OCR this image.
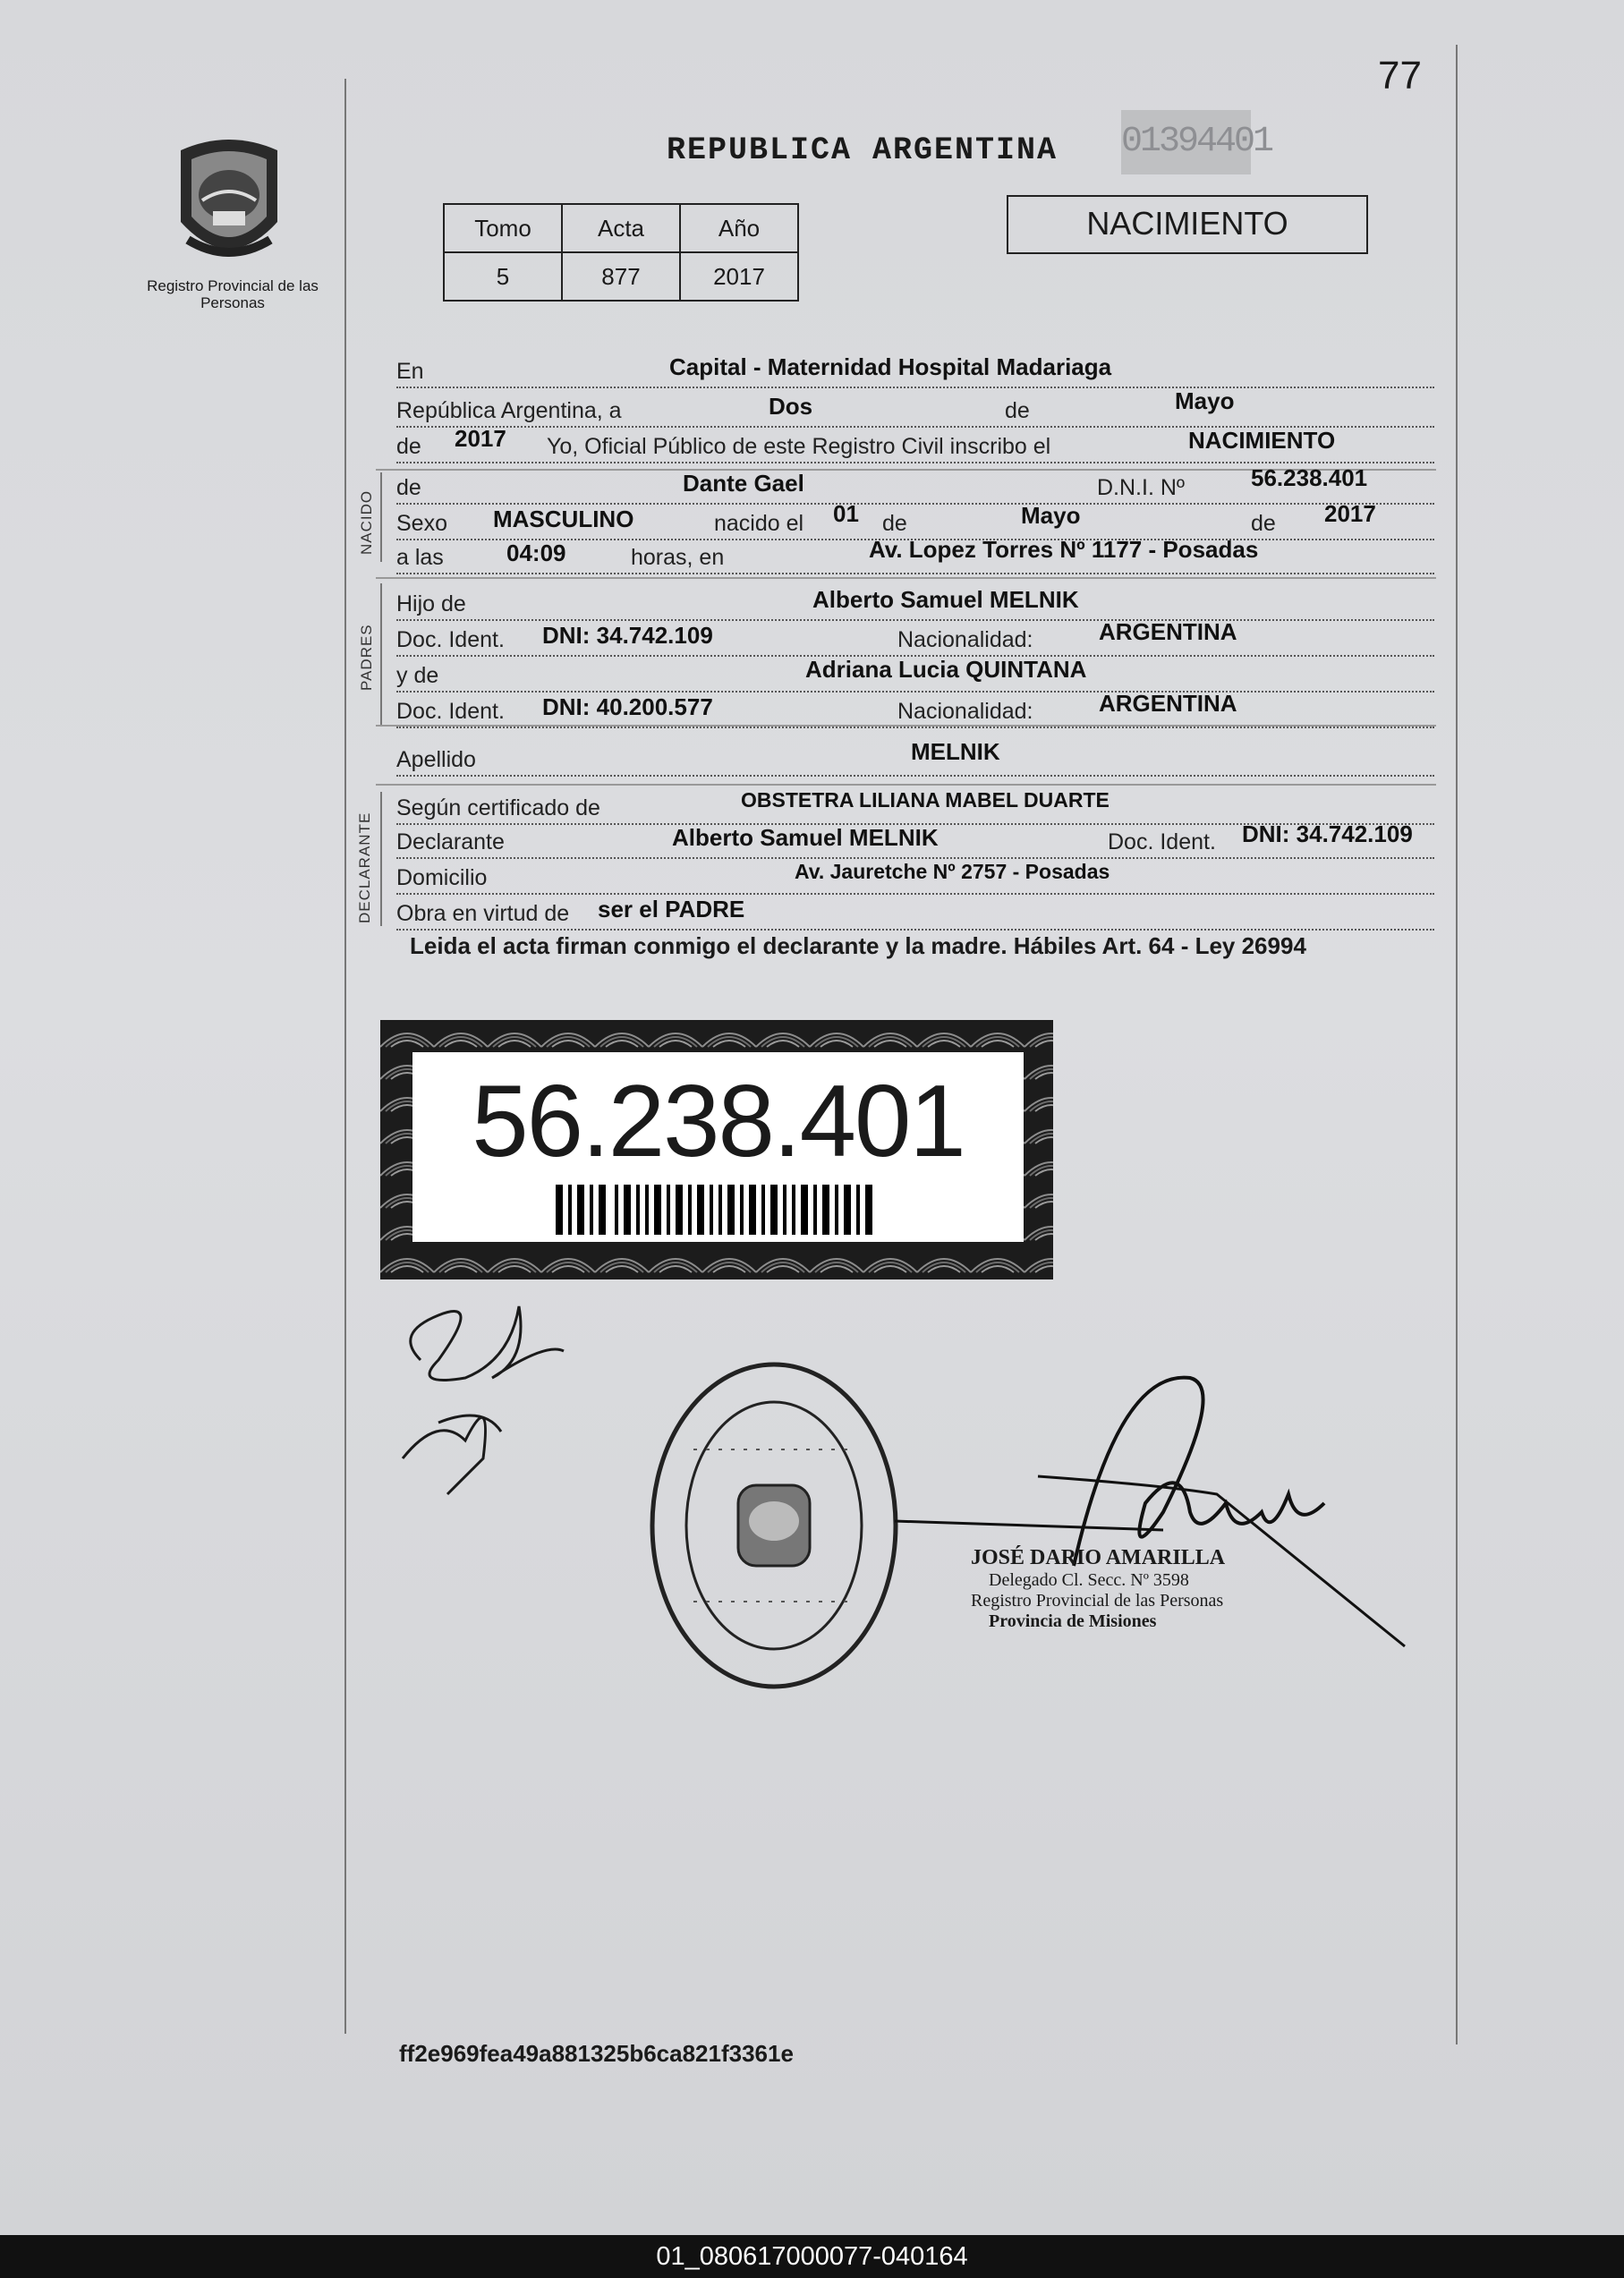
77
Registro Provincial de las Personas
REPUBLICA ARGENTINA 01394401
Tomo	Acta	Año
5	877	2017
NACIMIENTO
En	Capital - Maternidad Hospital Madariaga
República Argentina, a	Dos	de	Mayo
de 2017 Yo, Oficial Público de este Registro Civil inscribo el	NACIMIENTO
NACIDO
de	Dante Gael	D.N.I. Nº	56.238.401
Sexo MASCULINO	nacido el 01 de	Mayo	de 2017
a las	04:09	horas, en	Av. Lopez Torres Nº 1177 - Posadas
PADRES
Hijo de	Alberto Samuel MELNIK
Doc. Ident. DNI: 34.742.109	Nacionalidad:	ARGENTINA
y de	Adriana Lucia QUINTANA
Doc. Ident. DNI: 40.200.577	Nacionalidad:	ARGENTINA
Apellido	MELNIK
DECLARANTE
Según certificado de	OBSTETRA LILIANA MABEL DUARTE
Declarante	Alberto Samuel MELNIK	Doc. Ident. DNI: 34.742.109
Domicilio	Av. Jauretche Nº 2757 - Posadas
Obra en virtud de ser el PADRE
Leida el acta firman conmigo el declarante y la madre. Hábiles Art. 64 - Ley 26994
56.238.401
JOSÉ DARIO AMARILLA
Delegado Cl. Secc. Nº 3598
Registro Provincial de las Personas
Provincia de Misiones
ff2e969fea49a881325b6ca821f3361e
01_080617000077-040164
